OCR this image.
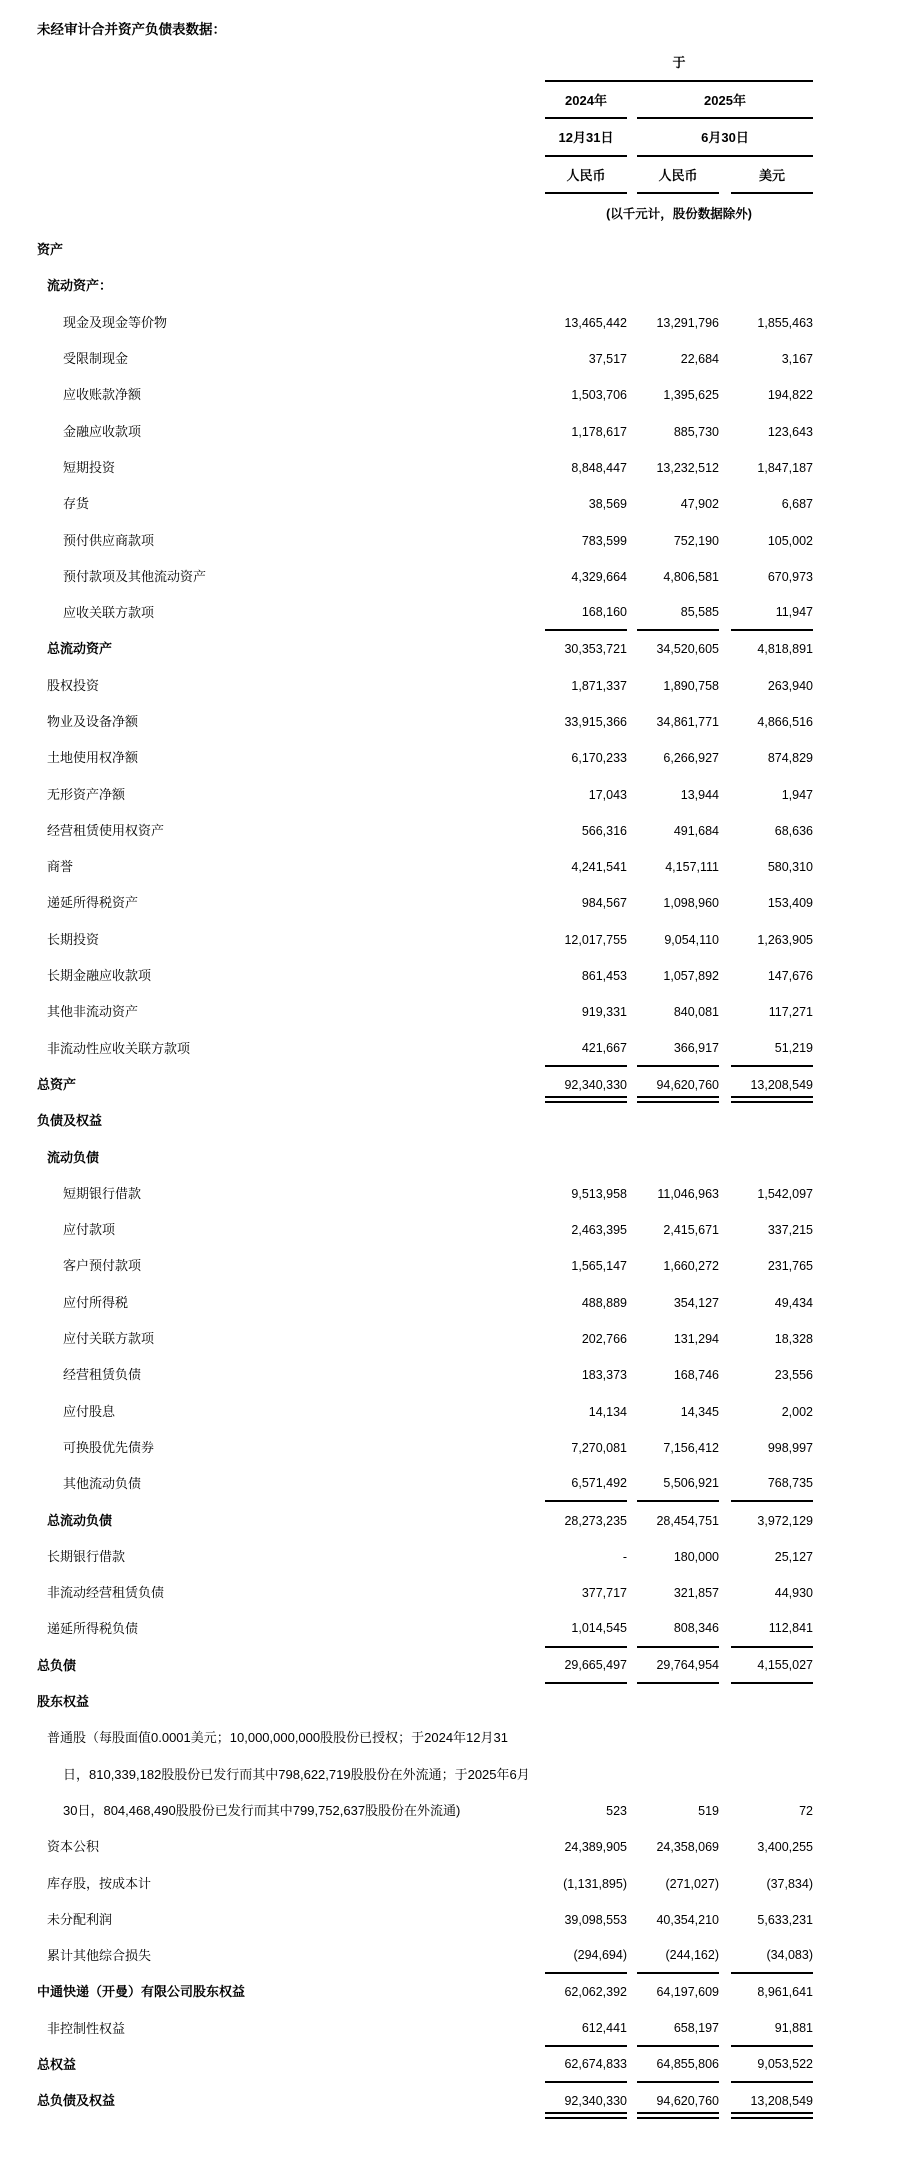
未经审计合并资产负债表数据：
于
2024年	2025年
12月31日	6月30日
人民币	人民币	美元
(以千元计，股份数据除外)
资产
流动资产：
现金及现金等价物	13,465,442	13,291,796	1,855,463
受限制现金	37,517	22,684	3,167
应收账款净额	1,503,706	1,395,625	194,822
金融应收款项	1,178,617	885,730	123,643
短期投资	8,848,447	13,232,512	1,847,187
存货	38,569	47,902	6,687
预付供应商款项	783,599	752,190	105,002
预付款项及其他流动资产	4,329,664	4,806,581	670,973
应收关联方款项	168,160	85,585	11,947
总流动资产	30,353,721	34,520,605	4,818,891
股权投资	1,871,337	1,890,758	263,940
物业及设备净额	33,915,366	34,861,771	4,866,516
土地使用权净额	6,170,233	6,266,927	874,829
无形资产净额	17,043	13,944	1,947
经营租赁使用权资产	566,316	491,684	68,636
商誉	4,241,541	4,157,111	580,310
递延所得税资产	984,567	1,098,960	153,409
长期投资	12,017,755	9,054,110	1,263,905
长期金融应收款项	861,453	1,057,892	147,676
其他非流动资产	919,331	840,081	117,271
非流动性应收关联方款项	421,667	366,917	51,219
总资产	92,340,330	94,620,760	13,208,549
负债及权益
流动负债
短期银行借款	9,513,958	11,046,963	1,542,097
应付款项	2,463,395	2,415,671	337,215
客户预付款项	1,565,147	1,660,272	231,765
应付所得税	488,889	354,127	49,434
应付关联方款项	202,766	131,294	18,328
经营租赁负债	183,373	168,746	23,556
应付股息	14,134	14,345	2,002
可换股优先债券	7,270,081	7,156,412	998,997
其他流动负债	6,571,492	5,506,921	768,735
总流动负债	28,273,235	28,454,751	3,972,129
长期银行借款	-	180,000	25,127
非流动经营租赁负债	377,717	321,857	44,930
递延所得税负债	1,014,545	808,346	112,841
总负债	29,665,497	29,764,954	4,155,027
股东权益
普通股（每股面值0.0001美元；10,000,000,000股股份已授权；于2024年12月31
日，810,339,182股股份已发行而其中798,622,719股股份在外流通；于2025年6月
30日，804,468,490股股份已发行而其中799,752,637股股份在外流通)	523	519	72
资本公积	24,389,905	24,358,069	3,400,255
库存股，按成本计	(1,131,895)	(271,027)	(37,834)
未分配利润	39,098,553	40,354,210	5,633,231
累计其他综合损失	(294,694)	(244,162)	(34,083)
中通快递（开曼）有限公司股东权益	62,062,392	64,197,609	8,961,641
非控制性权益	612,441	658,197	91,881
总权益	62,674,833	64,855,806	9,053,522
总负债及权益	92,340,330	94,620,760	13,208,549
